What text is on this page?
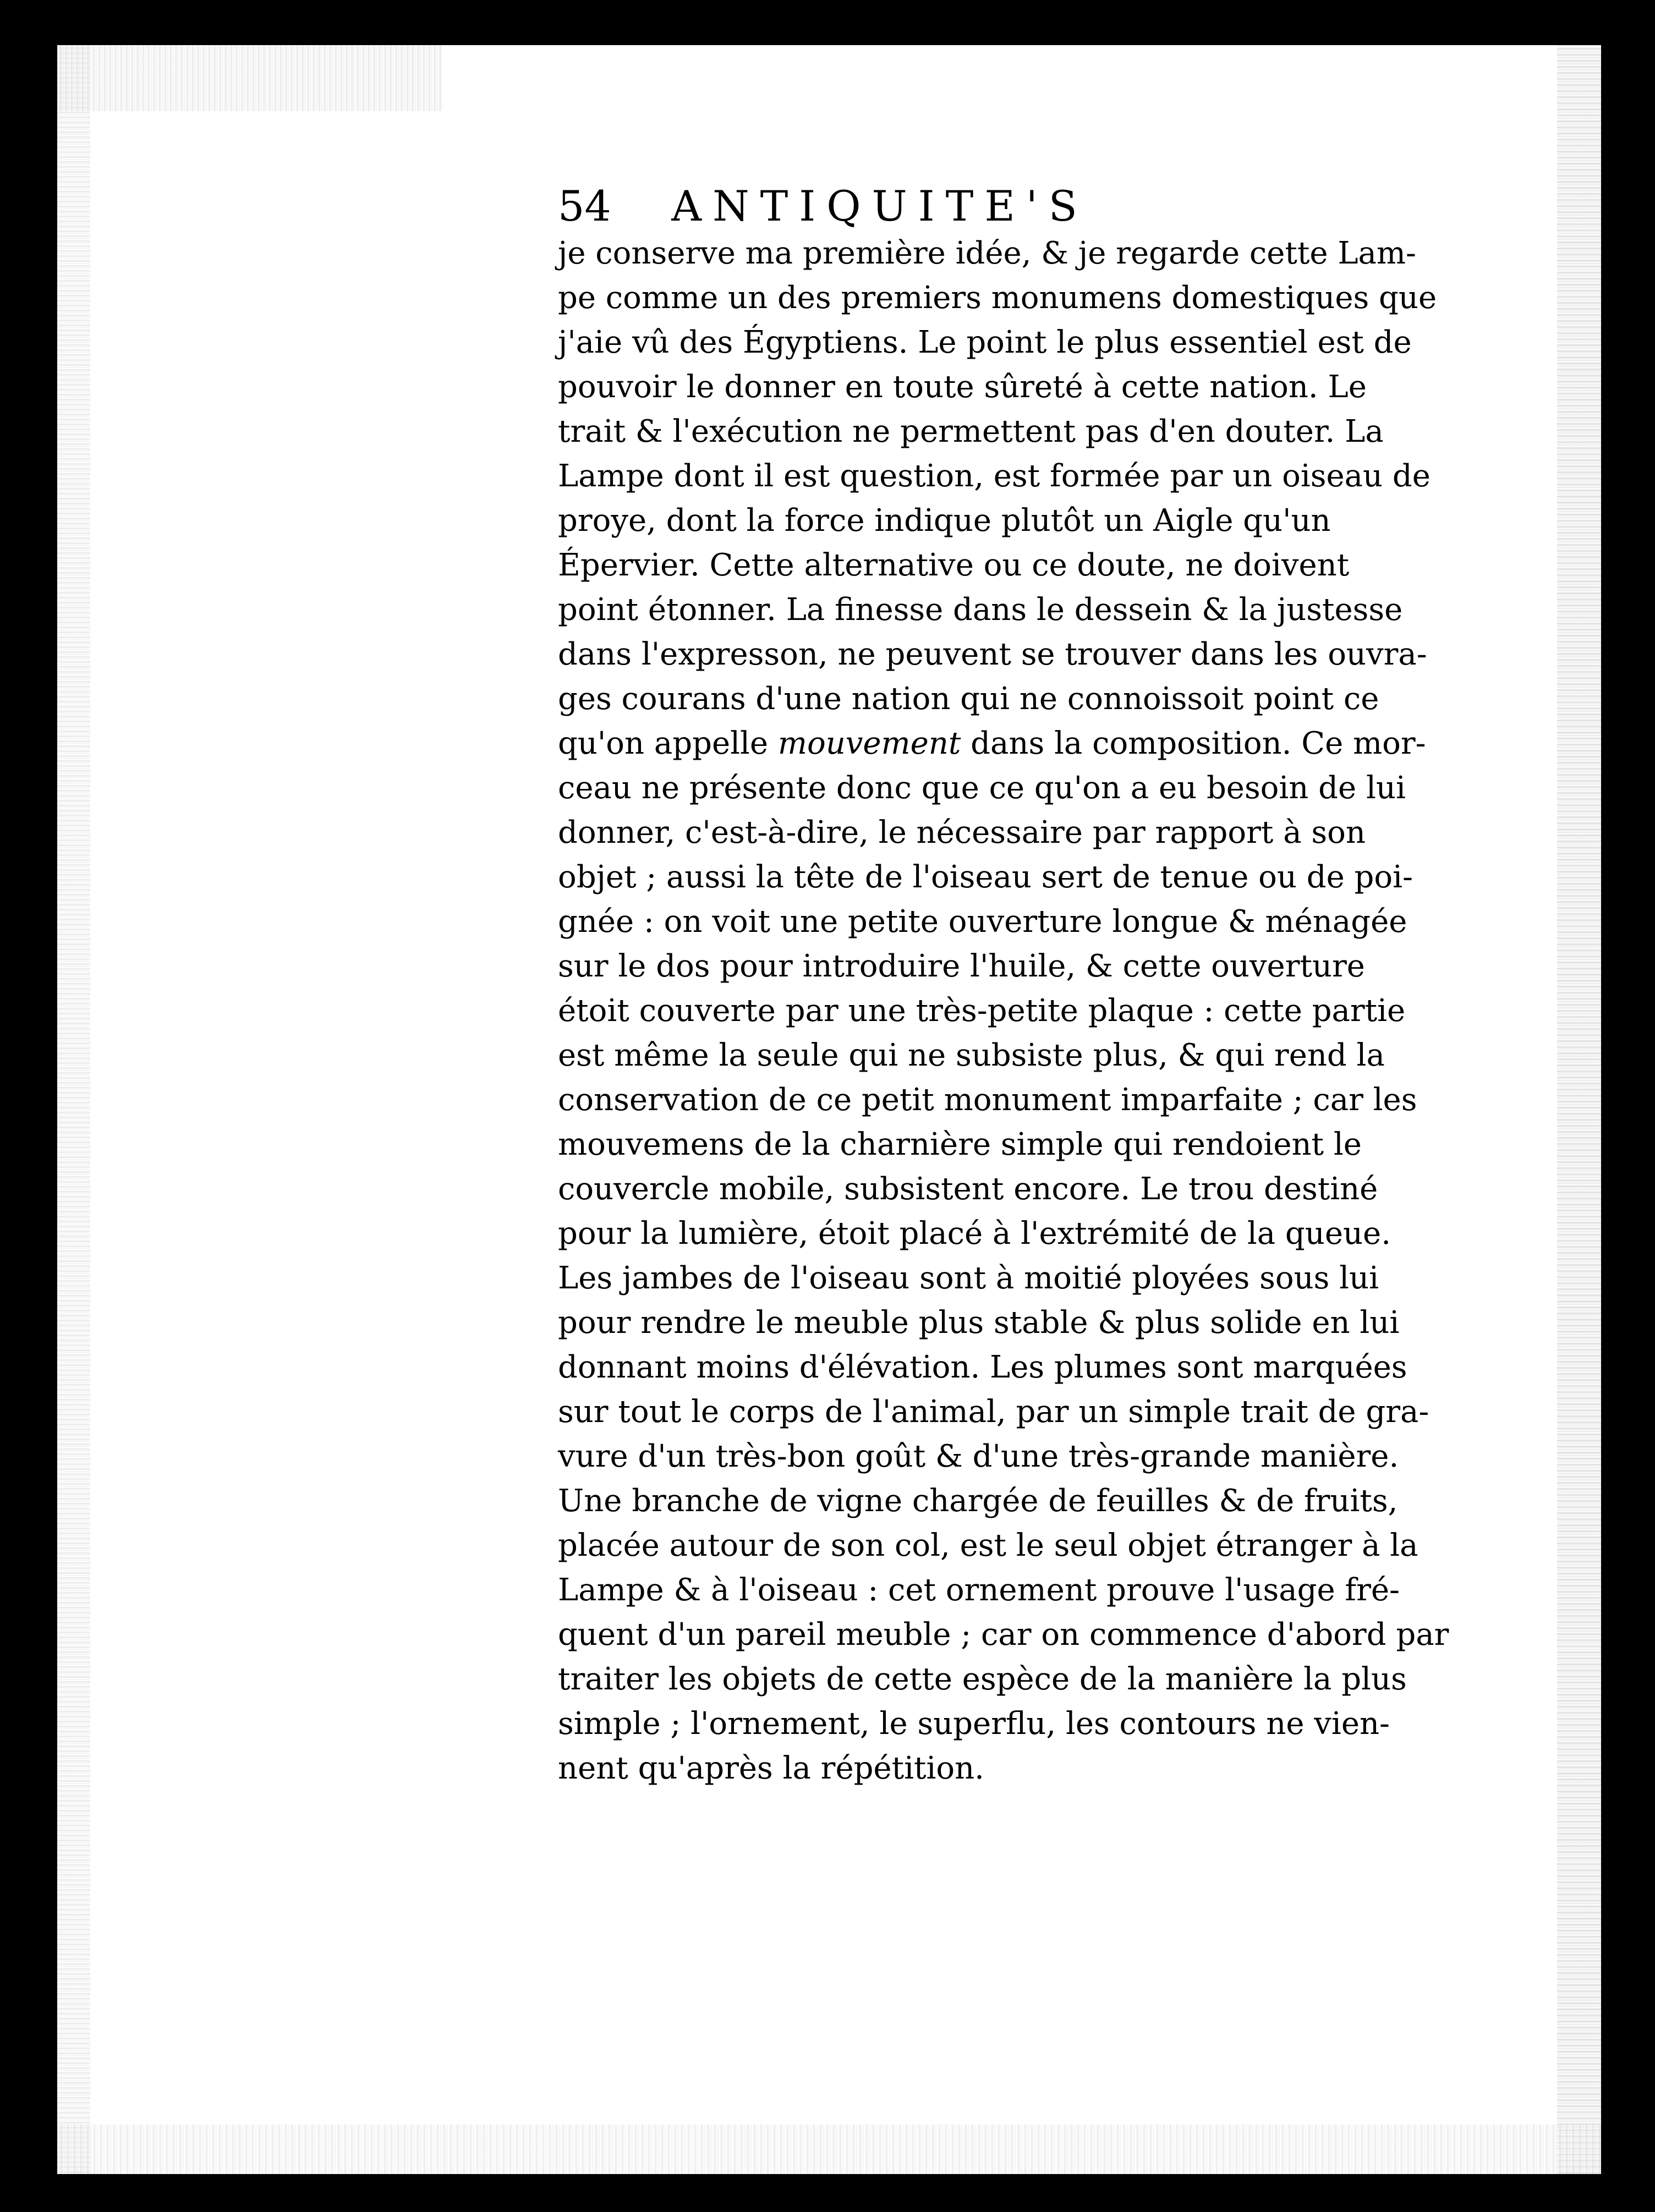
54	ANTIQUITE'S
je conserve ma première idée, & je regarde cette Lam-
pe comme un des premiers monumens domestiques que
j'aie vû des Égyptiens. Le point le plus essentiel est de
pouvoir le donner en toute sûreté à cette nation. Le
trait & l'exécution ne permettent pas d'en douter. La
Lampe dont il est question, est formée par un oiseau de
proye, dont la force indique plutôt un Aigle qu'un
Épervier. Cette alternative ou ce doute, ne doivent
point étonner. La finesse dans le dessein & la justesse
dans l'expresson, ne peuvent se trouver dans les ouvra-
ges courans d'une nation qui ne connoissoit point ce
qu'on appelle mouvement dans la composition. Ce mor-
ceau ne présente donc que ce qu'on a eu besoin de lui
donner, c'est-à-dire, le nécessaire par rapport à son
objet ; aussi la tête de l'oiseau sert de tenue ou de poi-
gnée : on voit une petite ouverture longue & ménagée
sur le dos pour introduire l'huile, & cette ouverture
étoit couverte par une très-petite plaque : cette partie
est même la seule qui ne subsiste plus, & qui rend la
conservation de ce petit monument imparfaite ; car les
mouvemens de la charnière simple qui rendoient le
couvercle mobile, subsistent encore. Le trou destiné
pour la lumière, étoit placé à l'extrémité de la queue.
Les jambes de l'oiseau sont à moitié ployées sous lui
pour rendre le meuble plus stable & plus solide en lui
donnant moins d'élévation. Les plumes sont marquées
sur tout le corps de l'animal, par un simple trait de gra-
vure d'un très-bon goût & d'une très-grande manière.
Une branche de vigne chargée de feuilles & de fruits,
placée autour de son col, est le seul objet étranger à la
Lampe & à l'oiseau : cet ornement prouve l'usage fré-
quent d'un pareil meuble ; car on commence d'abord par
traiter les objets de cette espèce de la manière la plus
simple ; l'ornement, le superflu, les contours ne vien-
nent qu'après la répétition.
